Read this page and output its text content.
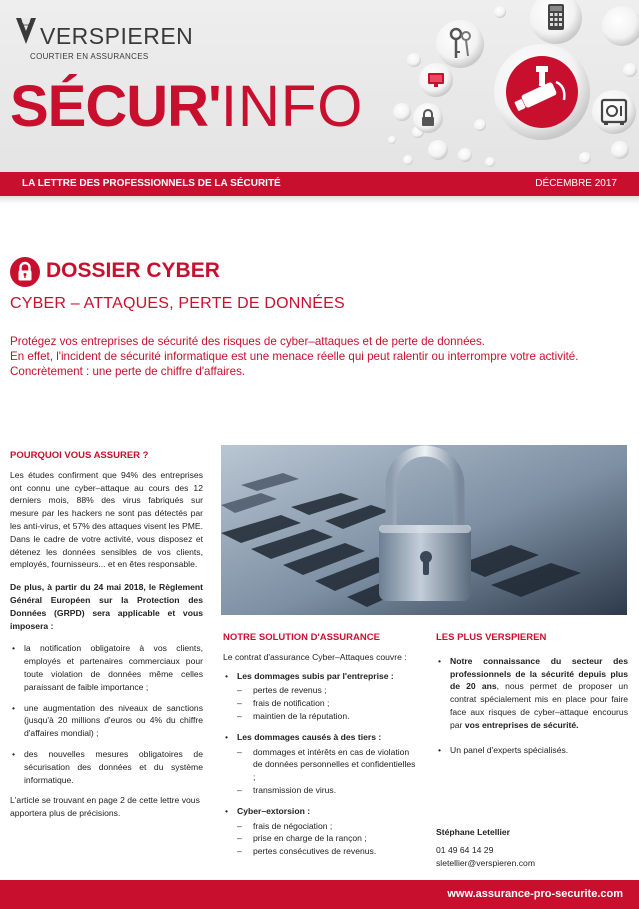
VERSPIEREN
COURTIER EN ASSURANCES
SÉCUR'INFO
LA LETTRE DES PROFESSIONNELS DE LA SÉCURITÉ	DÉCEMBRE 2017
DOSSIER CYBER
CYBER – ATTAQUES, PERTE DE DONNÉES
Protégez vos entreprises de sécurité des risques de cyber–attaques et de perte de données.
En effet, l'incident de sécurité informatique est une menace réelle qui peut ralentir ou interrompre votre activité.
Concrètement : une perte de chiffre d'affaires.
POURQUOI VOUS ASSURER ?

Les études confirment que 94% des entreprises ont connu une cyber–attaque au cours des 12 derniers mois, 88% des virus fabriqués sur mesure par les hackers ne sont pas détectés par les anti-virus, et 57% des attaques visent les PME.

Dans le cadre de votre activité, vous disposez et détenez les données sensibles de vos clients, employés, fournisseurs... et en êtes responsable.

De plus, à partir du 24 mai 2018, le Règlement Général Européen sur la Protection des Données (GRPD) sera applicable et vous imposera :

• la notification obligatoire à vos clients, employés et partenaires commerciaux pour toute violation de données même celles paraissant de faible importance ;
• une augmentation des niveaux de sanctions (jusqu'à 20 millions d'euros ou 4% du chiffre d'affaires mondial) ;
• des nouvelles mesures obligatoires de sécurisation des données et du système informatique.

L'article se trouvant en page 2 de cette lettre vous apportera plus de précisions.

NOTRE SOLUTION D'ASSURANCE
Le contrat d'assurance Cyber–Attaques couvre :
• Les dommages subis par l'entreprise :
– pertes de revenus ;
– frais de notification ;
– maintien de la réputation.
• Les dommages causés à des tiers :
– dommages et intérêts en cas de violation de données personnelles et confidentielles ;
– transmission de virus.
• Cyber–extorsion :
– frais de négociation ;
– prise en charge de la rançon ;
– pertes consécutives de revenus.
LES PLUS VERSPIEREN
• Notre connaissance du secteur des professionnels de la sécurité depuis plus de 20 ans, nous permet de proposer un contrat spécialement mis en place pour faire face aux risques de cyber–attaque encourus par vos entreprises de sécurité.
• Un panel d'experts spécialisés.
Stéphane Letellier
01 49 64 14 29
sletellier@verspieren.com
www.assurance-pro-securite.com
